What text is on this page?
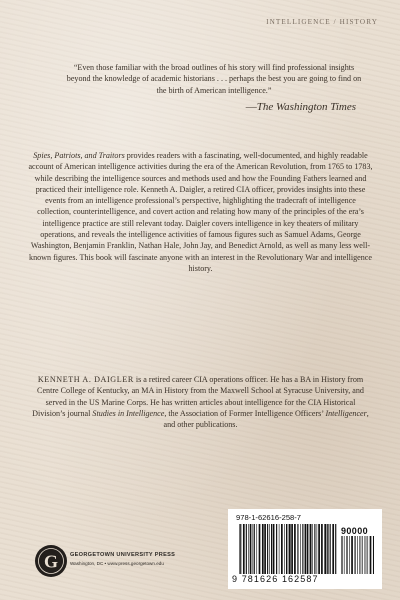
INTELLIGENCE / HISTORY
“Even those familiar with the broad outlines of his story will find professional insights beyond the knowledge of academic historians . . . perhaps the best you are going to find on the birth of American intelligence.”
—The Washington Times
Spies, Patriots, and Traitors provides readers with a fascinating, well-documented, and highly readable account of American intelligence activities during the era of the American Revolution, from 1765 to 1783, while describing the intelligence sources and methods used and how the Founding Fathers learned and practiced their intelligence role. Kenneth A. Daigler, a retired CIA officer, provides insights into these events from an intelligence professional’s perspective, highlighting the tradecraft of intelligence collection, counterintelligence, and covert action and relating how many of the principles of the era’s intelligence practice are still relevant today. Daigler covers intelligence in key theaters of military operations, and reveals the intelligence activities of famous figures such as Samuel Adams, George Washington, Benjamin Franklin, Nathan Hale, John Jay, and Benedict Arnold, as well as many less well-known figures. This book will fascinate anyone with an interest in the Revolutionary War and intelligence history.
KENNETH A. DAIGLER is a retired career CIA operations officer. He has a BA in History from Centre College of Kentucky, an MA in History from the Maxwell School at Syracuse University, and served in the US Marine Corps. He has written articles about intelligence for the CIA Historical Division’s journal Studies in Intelligence, the Association of Former Intelligence Officers’ Intelligencer, and other publications.
G GEORGETOWN UNIVERSITY PRESS
Washington, DC • www.press.georgetown.edu
978-1-62616-258-7
90000
9 781626 162587
